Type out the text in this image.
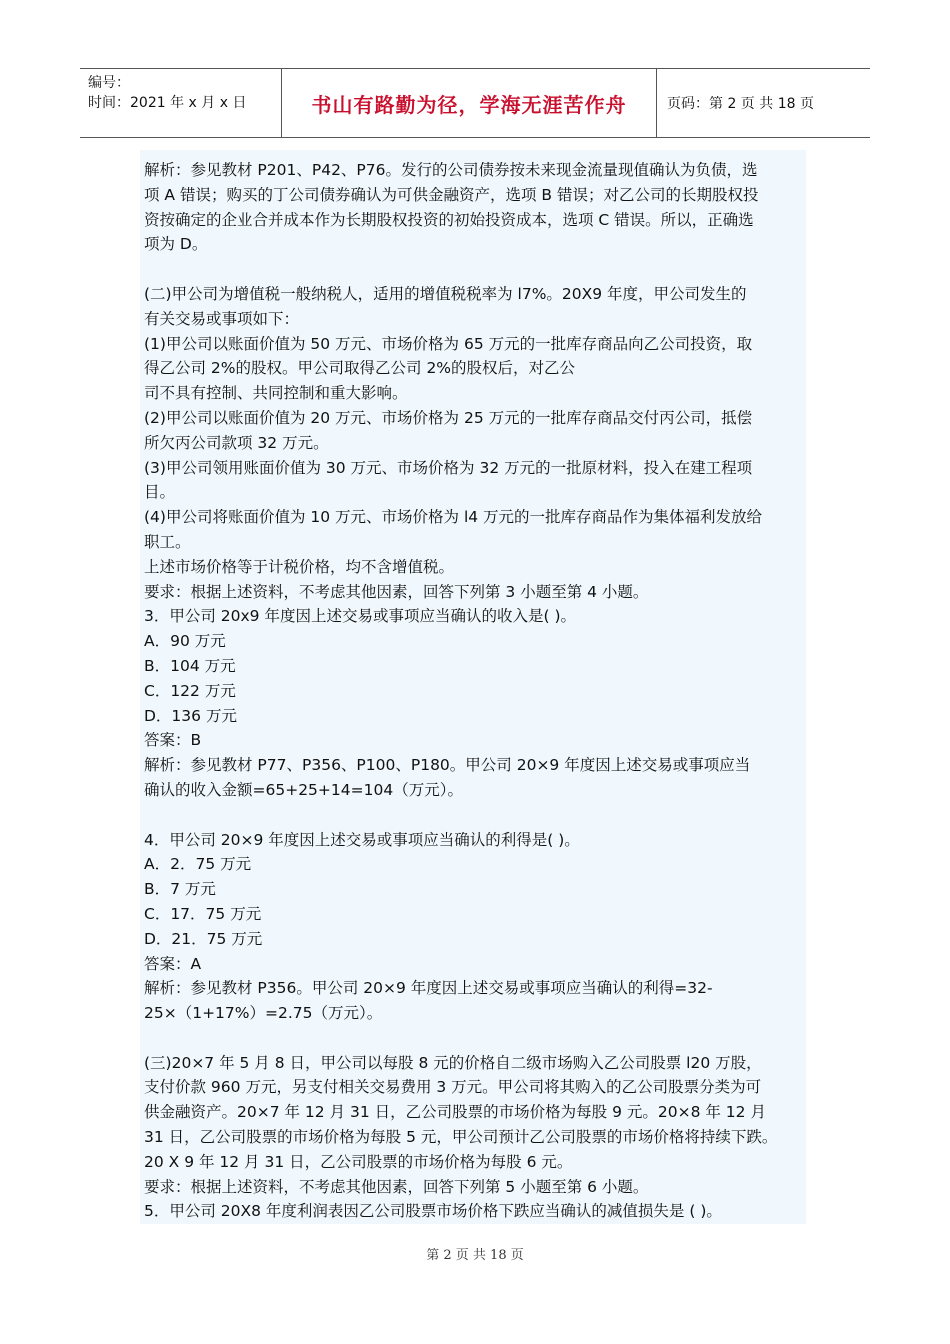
编号：
时间：2021 年 x 月 x 日	书山有路勤为径，学海无涯苦作舟	页码：第 2 页 共 18 页

解析：参见教材 P201、P42、P76。发行的公司债券按未来现金流量现值确认为负债，选

项 A 错误；购买的丁公司债券确认为可供金融资产，选项 B 错误；对乙公司的长期股权投

资按确定的企业合并成本作为长期股权投资的初始投资成本，选项 C 错误。所以，正确选

项为 D。

(二)甲公司为增值税一般纳税人，适用的增值税税率为 l7%。20X9 年度，甲公司发生的

有关交易或事项如下：

(1)甲公司以账面价值为 50 万元、市场价格为 65 万元的一批库存商品向乙公司投资，取

得乙公司 2%的股权。甲公司取得乙公司 2%的股权后，对乙公

司不具有控制、共同控制和重大影响。

(2)甲公司以账面价值为 20 万元、市场价格为 25 万元的一批库存商品交付丙公司，抵偿

所欠丙公司款项 32 万元。

(3)甲公司领用账面价值为 30 万元、市场价格为 32 万元的一批原材料，投入在建工程项

目。

(4)甲公司将账面价值为 10 万元、市场价格为 l4 万元的一批库存商品作为集体福利发放给

职工。

上述市场价格等于计税价格，均不含增值税。

要求：根据上述资料，不考虑其他因素，回答下列第 3 小题至第 4 小题。

3．甲公司 20x9 年度因上述交易或事项应当确认的收入是( )。

A．90 万元

B．104 万元

C．122 万元

D．136 万元

答案：B

解析：参见教材 P77、P356、P100、P180。甲公司 20×9 年度因上述交易或事项应当

确认的收入金额=65+25+14=104（万元）。

4．甲公司 20×9 年度因上述交易或事项应当确认的利得是( )。

A．2．75 万元

B．7 万元

C．17．75 万元

D．21．75 万元

答案：A

解析：参见教材 P356。甲公司 20×9 年度因上述交易或事项应当确认的利得=32-

25×（1+17%）=2.75（万元）。

(三)20×7 年 5 月 8 日，甲公司以每股 8 元的价格自二级市场购入乙公司股票 l20 万股，

支付价款 960 万元，另支付相关交易费用 3 万元。甲公司将其购入的乙公司股票分类为可

供金融资产。20×7 年 12 月 31 日，乙公司股票的市场价格为每股 9 元。20×8 年 12 月

31 日，乙公司股票的市场价格为每股 5 元，甲公司预计乙公司股票的市场价格将持续下跌。

20 X 9 年 12 月 31 日，乙公司股票的市场价格为每股 6 元。

要求：根据上述资料，不考虑其他因素，回答下列第 5 小题至第 6 小题。

5．甲公司 20X8 年度利润表因乙公司股票市场价格下跌应当确认的减值损失是 ( )。

第 2 页 共 18 页
